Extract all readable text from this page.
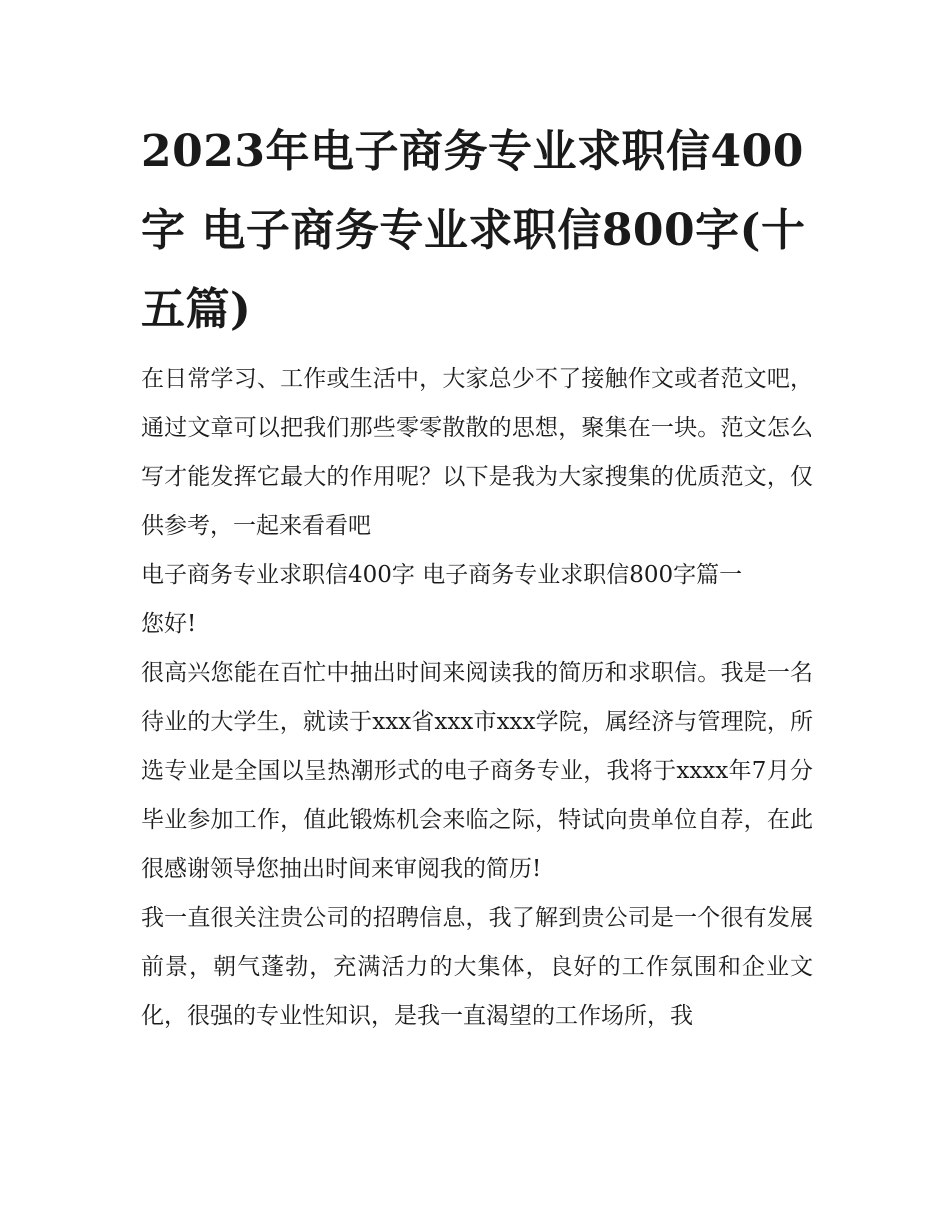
2023年电子商务专业求职信400字 电子商务专业求职信800字(十五篇)

在日常学习、工作或生活中，大家总少不了接触作文或者范文吧，通过文章可以把我们那些零零散散的思想，聚集在一块。范文怎么写才能发挥它最大的作用呢？以下是我为大家搜集的优质范文，仅供参考，一起来看看吧

电子商务专业求职信400字 电子商务专业求职信800字篇一

您好!

很高兴您能在百忙中抽出时间来阅读我的简历和求职信。我是一名待业的大学生，就读于xxx省xxx市xxx学院，属经济与管理院，所选专业是全国以呈热潮形式的电子商务专业，我将于xxxx年7月分毕业参加工作，值此锻炼机会来临之际，特试向贵单位自荐，在此很感谢领导您抽出时间来审阅我的简历!

我一直很关注贵公司的招聘信息，我了解到贵公司是一个很有发展前景，朝气蓬勃，充满活力的大集体，良好的工作氛围和企业文化，很强的专业性知识，是我一直渴望的工作场所，我
